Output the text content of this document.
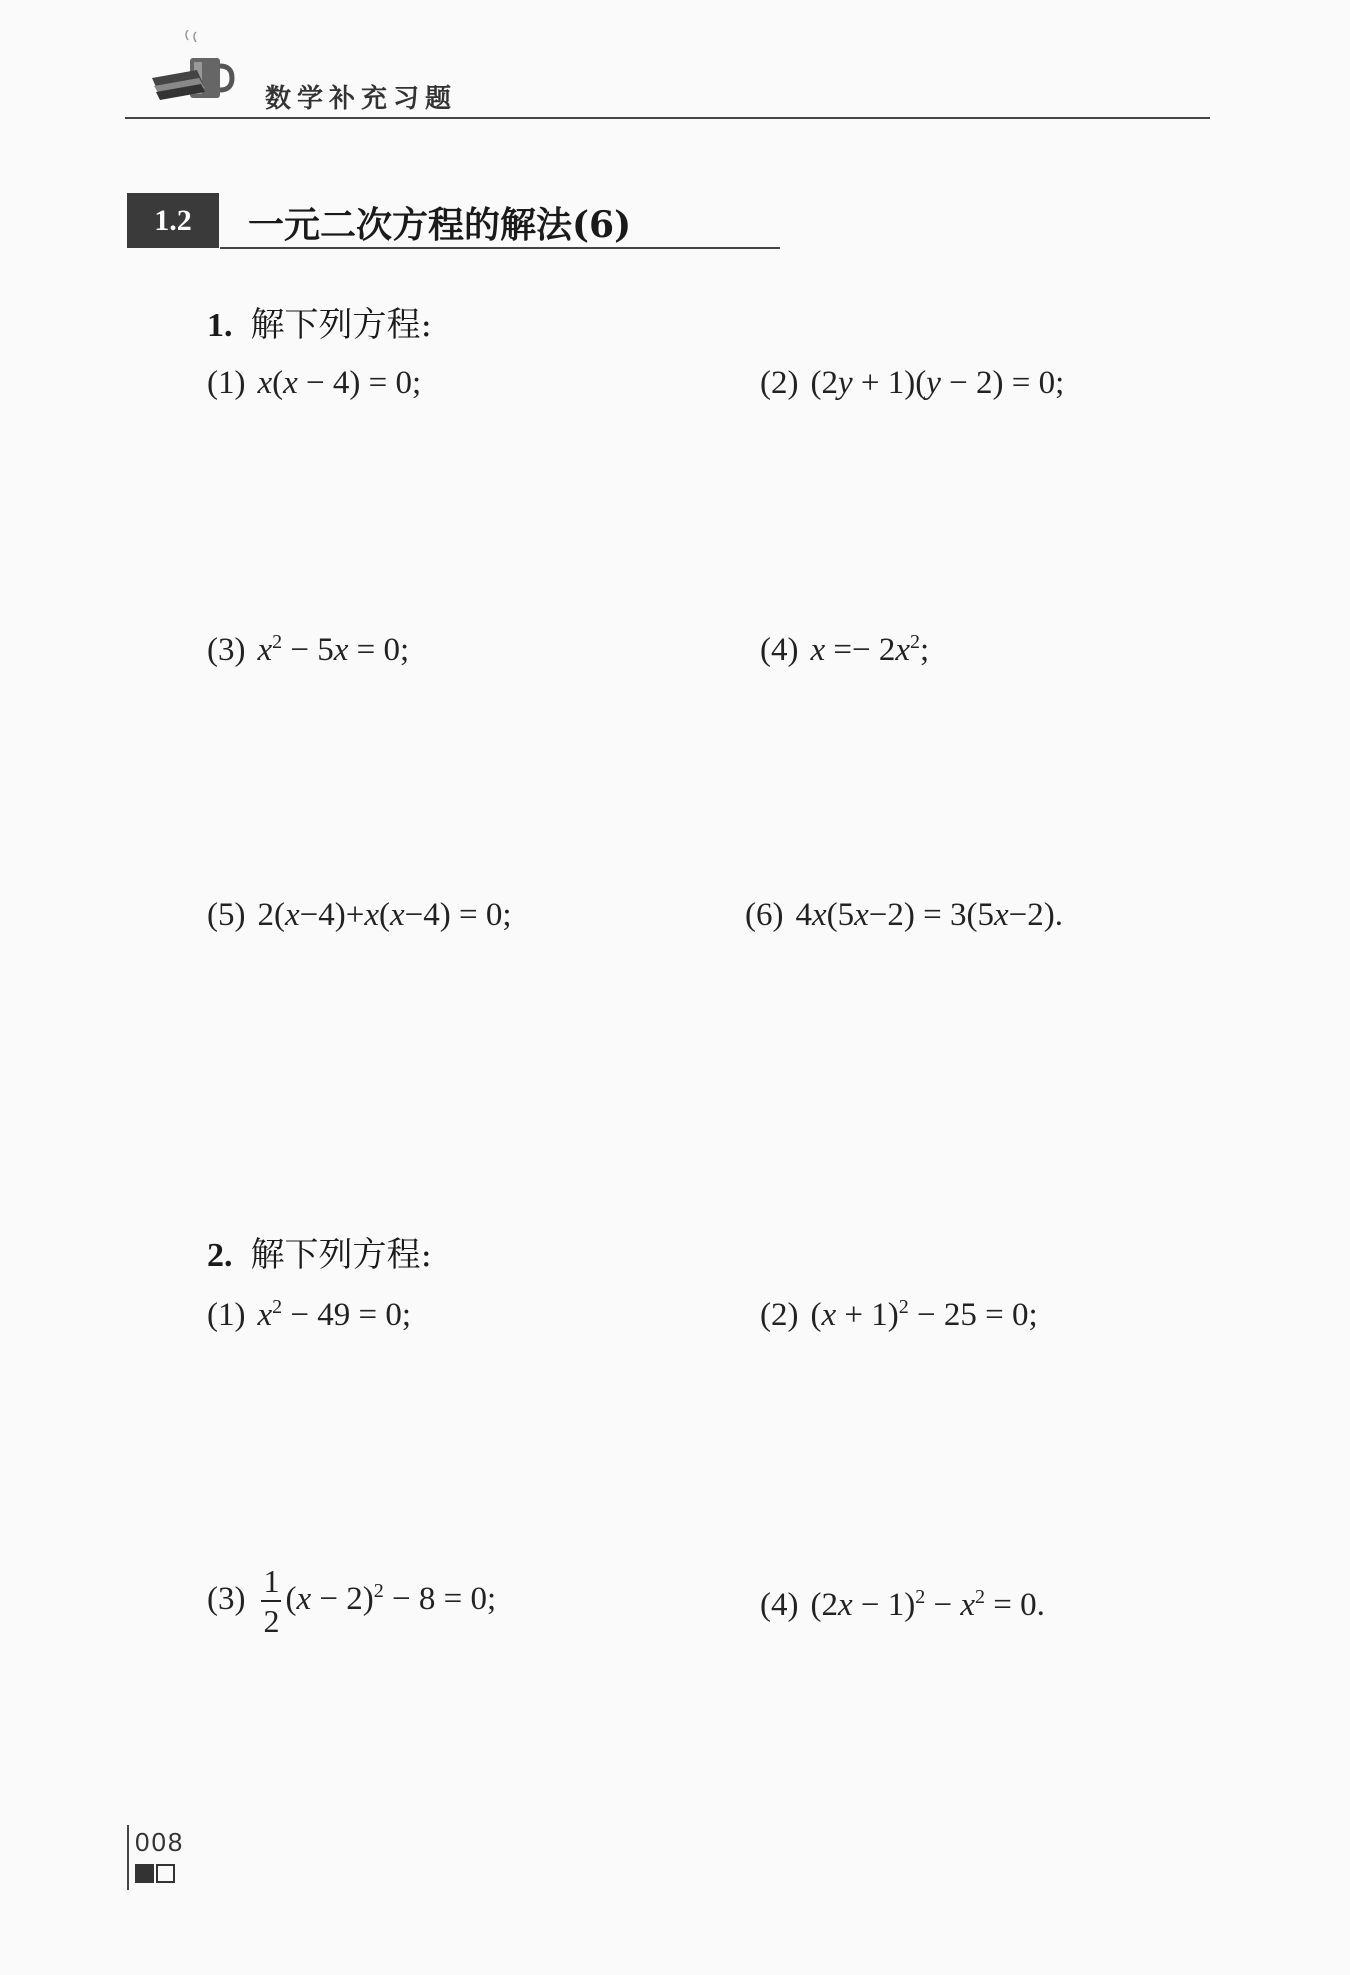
数学补充习题
1.2	一元二次方程的解法(6)
1. 解下列方程:
(1) x(x − 4) = 0;	(2) (2y + 1)(y − 2) = 0;
(3) $x^2 - 5x = 0$;	(4) $x =- 2x^2$;
(5) 2(x−4)+x(x−4) = 0;	(6) 4x(5x−2) = 3(5x−2).
2. 解下列方程:
(1) $x^2 - 49 = 0$;	(2) $(x + 1)^2 - 25 = 0$;
$(3) \frac{1}{2} (x - 2)^2 - 8 = 0$;	(4) $(2x - 1)^2 - x^2 = 0$.
008
